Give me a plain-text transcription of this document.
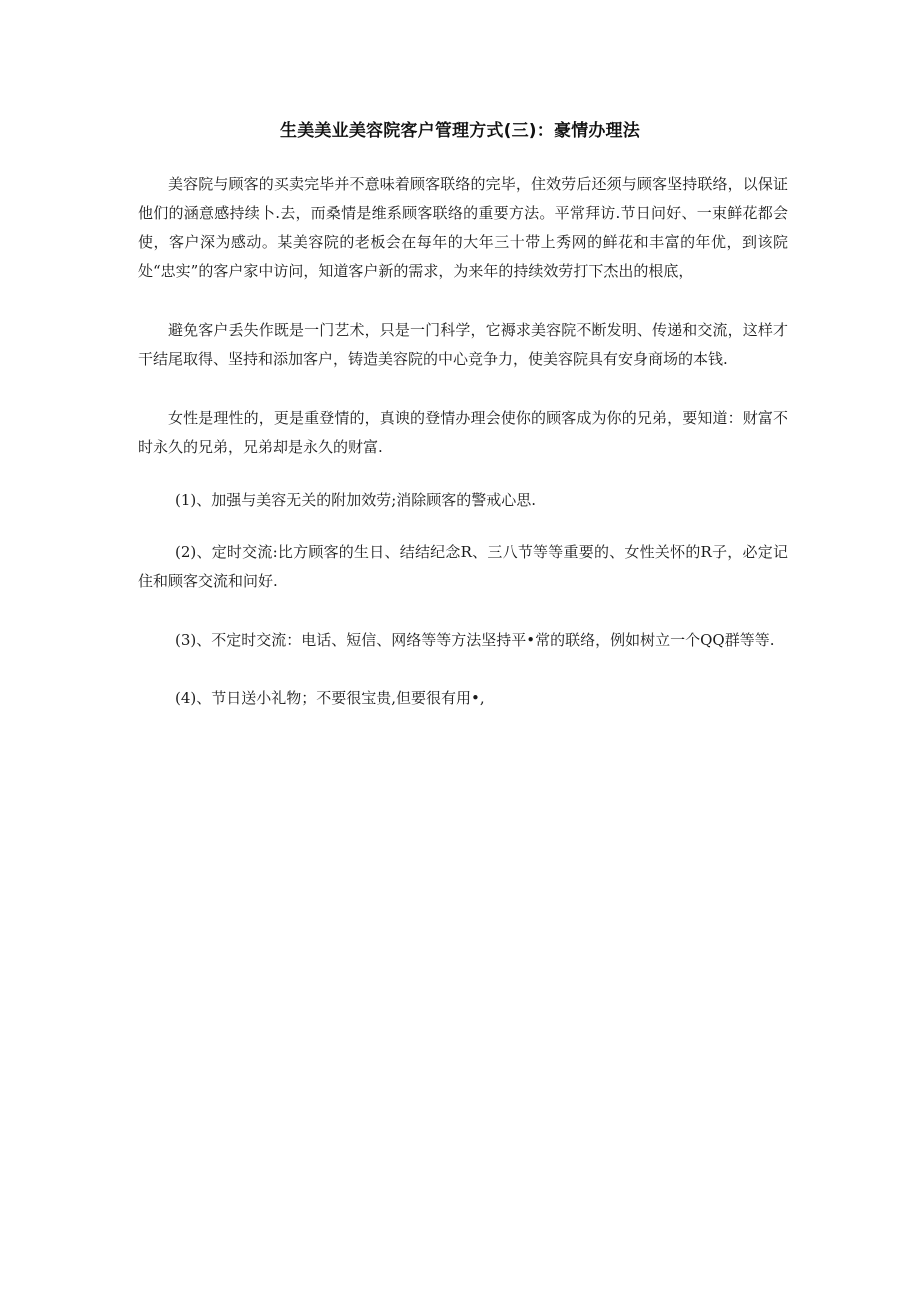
生美美业美容院客户管理方式(三)：豪情办理法

美容院与顾客的买卖完毕并不意味着顾客联络的完毕，住效劳后还须与顾客坚持联络，以保证他们的涵意感持续卜.去，而桑情是维系顾客联络的重要方法。平常拜访.节日问好、一束鲜花都会使，客户深为感动。某美容院的老板会在每年的大年三十带上秀网的鲜花和丰富的年优，到该院处“忠实”的客户家中访问，知道客户新的需求，为来年的持续效劳打下杰出的根底，

避免客户丢失作既是一门艺术，只是一门科学，它褥求美容院不断发明、传递和交流，这样才干结尾取得、坚持和添加客户，铸造美容院的中心竞争力，使美容院具有安身商场的本钱.

女性是理性的，更是重登情的，真谀的登情办理会使你的顾客成为你的兄弟，要知道：财富不时永久的兄弟，兄弟却是永久的财富.

(1)、加强与美容无关的附加效劳;消除顾客的警戒心思.

(2)、定时交流:比方顾客的生日、结结纪念R、三八节等等重要的、女性关怀的R子，必定记住和顾客交流和问好.

(3)、不定时交流：电话、短信、网络等等方法坚持平•常的联络，例如树立一个QQ群等等.

(4)、节日送小礼物；不要很宝贵,但要很有用•,
